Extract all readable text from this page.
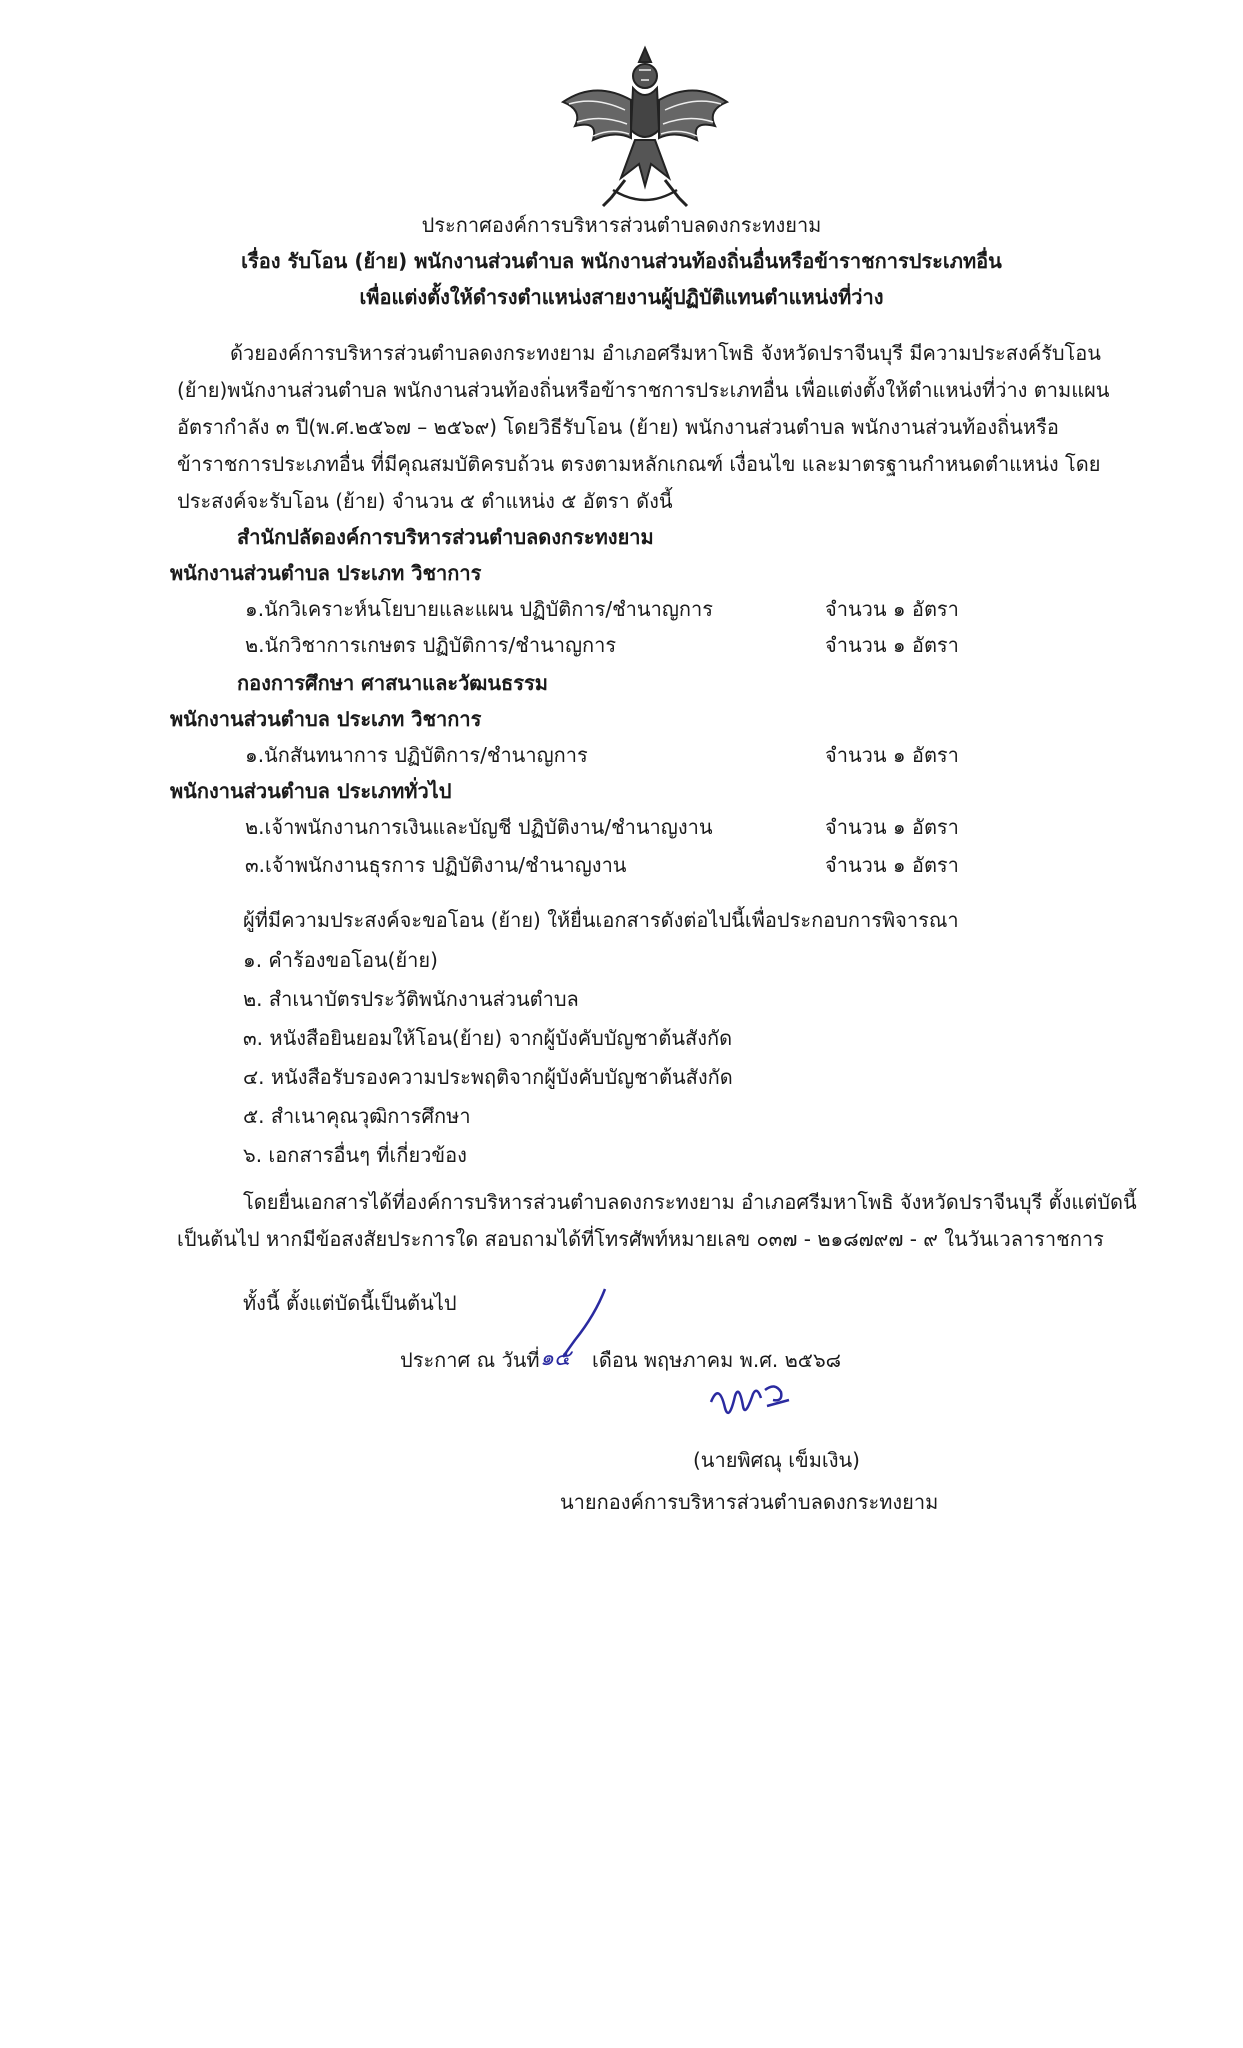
ประกาศองค์การบริหารส่วนตำบลดงกระทงยาม
เรื่อง รับโอน (ย้าย) พนักงานส่วนตำบล พนักงานส่วนท้องถิ่นอื่นหรือข้าราชการประเภทอื่น
เพื่อแต่งตั้งให้ดำรงตำแหน่งสายงานผู้ปฏิบัติแทนตำแหน่งที่ว่าง
ด้วยองค์การบริหารส่วนตำบลดงกระทงยาม อำเภอศรีมหาโพธิ จังหวัดปราจีนบุรี มีความประสงค์รับโอน
(ย้าย)พนักงานส่วนตำบล พนักงานส่วนท้องถิ่นหรือข้าราชการประเภทอื่น เพื่อแต่งตั้งให้ตำแหน่งที่ว่าง ตามแผน
อัตรากำลัง ๓ ปี(พ.ศ.๒๕๖๗ – ๒๕๖๙) โดยวิธีรับโอน (ย้าย) พนักงานส่วนตำบล พนักงานส่วนท้องถิ่นหรือ
ข้าราชการประเภทอื่น ที่มีคุณสมบัติครบถ้วน ตรงตามหลักเกณฑ์ เงื่อนไข และมาตรฐานกำหนดตำแหน่ง โดย
ประสงค์จะรับโอน (ย้าย) จำนวน ๕ ตำแหน่ง ๕ อัตรา ดังนี้
สำนักปลัดองค์การบริหารส่วนตำบลดงกระทงยาม
พนักงานส่วนตำบล ประเภท วิชาการ
๑.นักวิเคราะห์นโยบายและแผน ปฏิบัติการ/ชำนาญการ	จำนวน ๑ อัตรา
๒.นักวิชาการเกษตร ปฏิบัติการ/ชำนาญการ	จำนวน ๑ อัตรา
กองการศึกษา ศาสนาและวัฒนธรรม
พนักงานส่วนตำบล ประเภท วิชาการ
๑.นักสันทนาการ ปฏิบัติการ/ชำนาญการ	จำนวน ๑ อัตรา
พนักงานส่วนตำบล ประเภททั่วไป
๒.เจ้าพนักงานการเงินและบัญชี ปฏิบัติงาน/ชำนาญงาน	จำนวน ๑ อัตรา
๓.เจ้าพนักงานธุรการ ปฏิบัติงาน/ชำนาญงาน	จำนวน ๑ อัตรา
ผู้ที่มีความประสงค์จะขอโอน (ย้าย) ให้ยื่นเอกสารดังต่อไปนี้เพื่อประกอบการพิจารณา
๑. คำร้องขอโอน(ย้าย)
๒. สำเนาบัตรประวัติพนักงานส่วนตำบล
๓. หนังสือยินยอมให้โอน(ย้าย) จากผู้บังคับบัญชาต้นสังกัด
๔. หนังสือรับรองความประพฤติจากผู้บังคับบัญชาต้นสังกัด
๕. สำเนาคุณวุฒิการศึกษา
๖. เอกสารอื่นๆ ที่เกี่ยวข้อง
โดยยื่นเอกสารได้ที่องค์การบริหารส่วนตำบลดงกระทงยาม อำเภอศรีมหาโพธิ จังหวัดปราจีนบุรี ตั้งแต่บัดนี้
เป็นต้นไป หากมีข้อสงสัยประการใด สอบถามได้ที่โทรศัพท์หมายเลข ๐๓๗ - ๒๑๘๗๙๗ - ๙ ในวันเวลาราชการ
ทั้งนี้ ตั้งแต่บัดนี้เป็นต้นไป
ประกาศ ณ วันที่ ๑๕ เดือน พฤษภาคม พ.ศ. ๒๕๖๘
(นายพิศณุ เข็มเงิน)
นายกองค์การบริหารส่วนตำบลดงกระทงยาม
